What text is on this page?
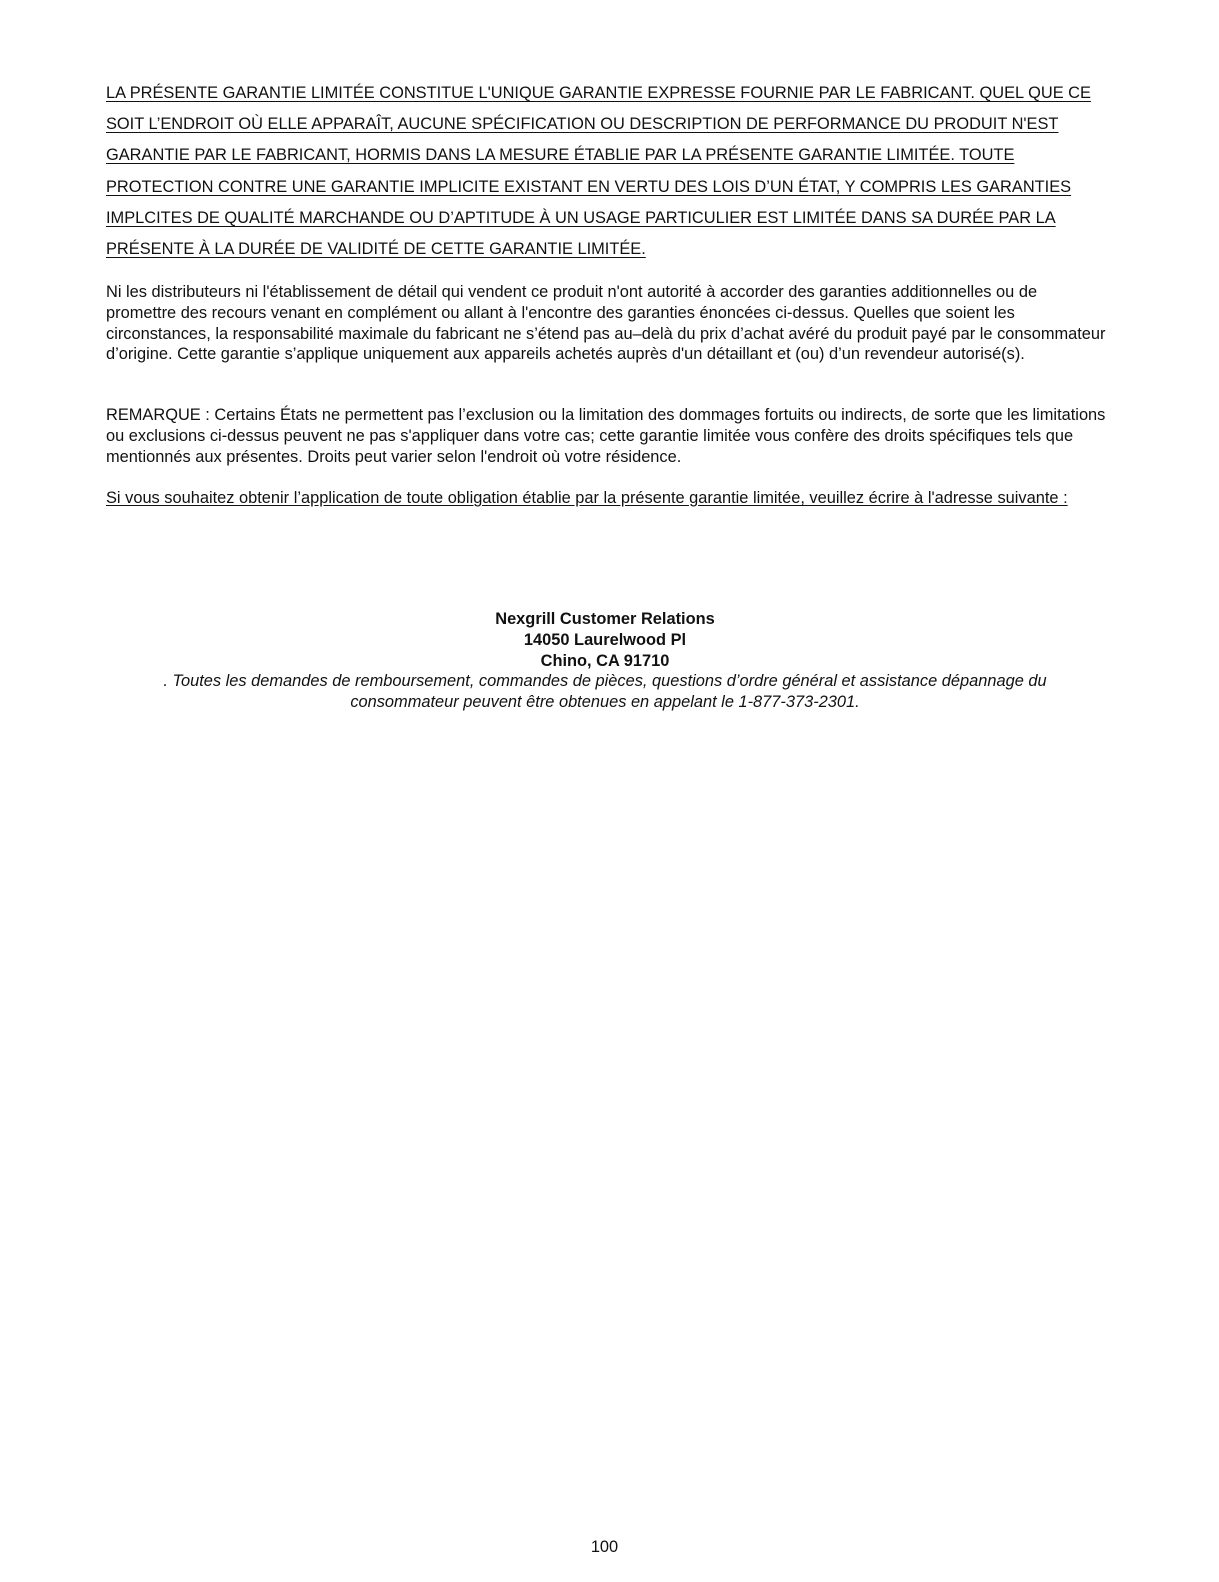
LA PRÉSENTE GARANTIE LIMITÉE CONSTITUE L'UNIQUE GARANTIE EXPRESSE FOURNIE PAR LE FABRICANT. QUEL QUE CE SOIT L’ENDROIT OÙ ELLE APPARAÎT, AUCUNE SPÉCIFICATION OU DESCRIPTION DE PERFORMANCE DU PRODUIT N'EST GARANTIE PAR LE FABRICANT, HORMIS DANS LA MESURE ÉTABLIE PAR LA PRÉSENTE GARANTIE LIMITÉE. TOUTE PROTECTION CONTRE UNE GARANTIE IMPLICITE EXISTANT EN VERTU DES LOIS D’UN ÉTAT, Y COMPRIS LES GARANTIES IMPLCITES DE QUALITÉ MARCHANDE OU D’APTITUDE À UN USAGE PARTICULIER EST LIMITÉE DANS SA DURÉE PAR LA PRÉSENTE À LA DURÉE DE VALIDITÉ DE CETTE GARANTIE LIMITÉE.

Ni les distributeurs ni l'établissement de détail qui vendent ce produit n'ont autorité à accorder des garanties additionnelles ou de promettre des recours venant en complément ou allant à l'encontre des garanties énoncées ci-dessus. Quelles que soient les circonstances, la responsabilité maximale du fabricant ne s’étend pas au–delà du prix d’achat avéré du produit payé par le consommateur d’origine. Cette garantie s’applique uniquement aux appareils achetés auprès d'un détaillant et (ou) d’un revendeur autorisé(s).

REMARQUE : Certains États ne permettent pas l’exclusion ou la limitation des dommages fortuits ou indirects, de sorte que les limitations ou exclusions ci-dessus peuvent ne pas s'appliquer dans votre cas; cette garantie limitée vous confère des droits spécifiques tels que mentionnés aux présentes. Droits peut varier selon l'endroit où votre résidence.

Si vous souhaitez obtenir l’application de toute obligation établie par la présente garantie limitée, veuillez écrire à l'adresse suivante :

Nexgrill Customer Relations
14050 Laurelwood Pl
Chino, CA 91710
. Toutes les demandes de remboursement, commandes de pièces, questions d’ordre général et assistance dépannage du consommateur peuvent être obtenues en appelant le 1-877-373-2301.
100
